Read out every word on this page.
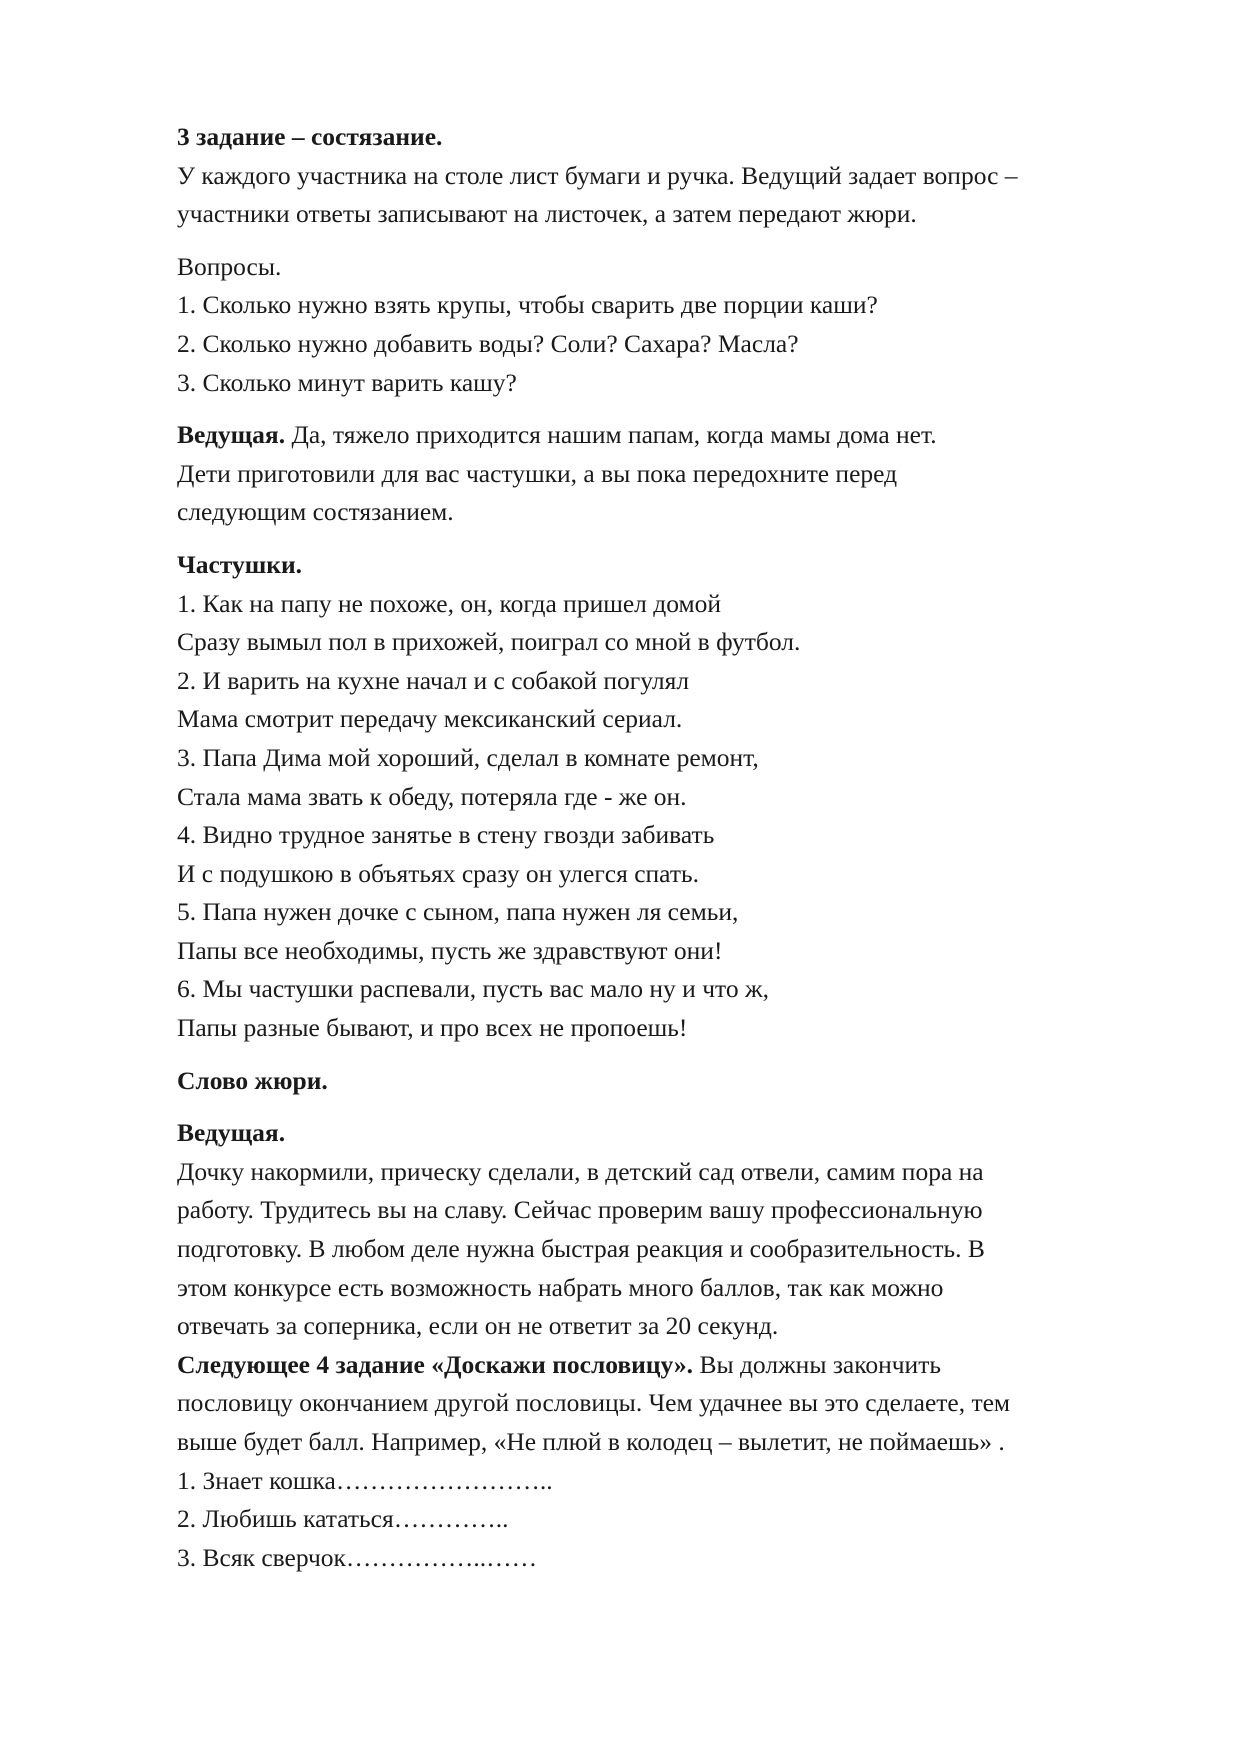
3 задание – состязание.
У каждого участника на столе лист бумаги и ручка. Ведущий задает вопрос –
участники ответы записывают на листочек, а затем передают жюри.
Вопросы.
1. Сколько нужно взять крупы, чтобы сварить две порции каши?
2. Сколько нужно добавить воды? Соли? Сахара? Масла?
3. Сколько минут варить кашу?
Ведущая. Да, тяжело приходится нашим папам, когда мамы дома нет.
Дети приготовили для вас частушки, а вы пока передохните перед
следующим состязанием.
Частушки.
1. Как на папу не похоже, он, когда пришел домой
Сразу вымыл пол в прихожей, поиграл со мной в футбол.
2. И варить на кухне начал и с собакой погулял
Мама смотрит передачу мексиканский сериал.
3. Папа Дима мой хороший, сделал в комнате ремонт,
Стала мама звать к обеду, потеряла где - же он.
4. Видно трудное занятье в стену гвозди забивать
И с подушкою в объятьях сразу он улегся спать.
5. Папа нужен дочке с сыном, папа нужен ля семьи,
Папы все необходимы, пусть же здравствуют они!
6. Мы частушки распевали, пусть вас мало ну и что ж,
Папы разные бывают, и про всех не пропоешь!
Слово жюри.
Ведущая.
Дочку накормили, прическу сделали, в детский сад отвели, самим пора на
работу. Трудитесь вы на славу. Сейчас проверим вашу профессиональную
подготовку. В любом деле нужна быстрая реакция и сообразительность. В
этом конкурсе есть возможность набрать много баллов, так как можно
отвечать за соперника, если он не ответит за 20 секунд.
Следующее 4 задание «Доскажи пословицу». Вы должны закончить
пословицу окончанием другой пословицы. Чем удачнее вы это сделаете, тем
выше будет балл. Например, «Не плюй в колодец – вылетит, не поймаешь» .
1. Знает кошка……………………..
2. Любишь кататься…………..
3. Всяк сверчок……………..……
